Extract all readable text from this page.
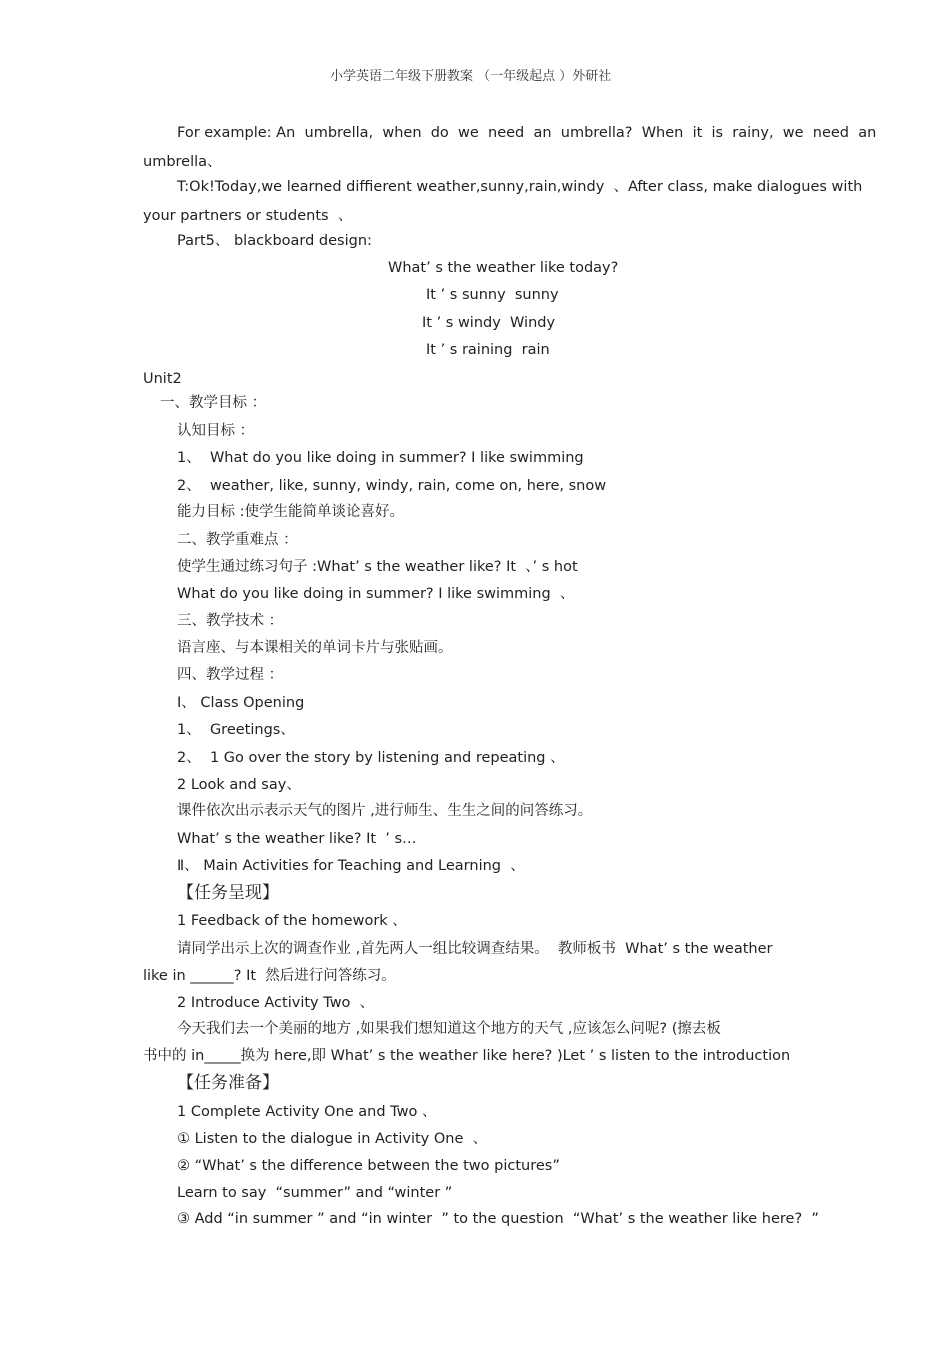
小学英语二年级下册教案 （一年级起点 ）外研社
For example: An  umbrella,  when  do  we  need  an  umbrella?  When  it  is  rainy,  we  need  an
umbrella、
T:Ok!Today,we learned diffierent weather,sunny,rain,windy  、After class, make dialogues with
your partners or students  、
Part5、 blackboard design:
What’ s the weather like today?
It ’ s sunny  sunny
It ’ s windy  Windy
It ’ s raining  rain
Unit2
一、教学目标 ：
认知目标 ：
1、  What do you like doing in summer? I like swimming
2、  weather, like, sunny, windy, rain, come on, here, snow
能力目标 :使学生能简单谈论喜好。
二、教学重难点 ：
使学生通过练习句子 :What’ s the weather like? It  、’ s hot
What do you like doing in summer? I like swimming  、
三、教学技术 ：
语言座、与本课相关的单词卡片与张贴画。
四、教学过程 ：
Ⅰ、 Class Opening
1、  Greetings、
2、  1 Go over the story by listening and repeating 、
2 Look and say、
课件依次出示表示天气的图片 ,进行师生、生生之间的问答练习。
What’ s the weather like? It  ’ s…
Ⅱ、 Main Activities for Teaching and Learning  、
【任务呈现】
1 Feedback of the homework 、
请同学出示上次的调查作业 ,首先两人一组比较调查结果。  教师板书  What’ s the weather
like in ______? It  然后进行问答练习。
2 Introduce Activity Two  、
今天我们去一个美丽的地方 ,如果我们想知道这个地方的天气 ,应该怎么问呢? (擦去板
书中的 in_____换为 here,即 What’ s the weather like here? )Let ’ s listen to the introduction
【任务准备】
1 Complete Activity One and Two 、
① Listen to the dialogue in Activity One  、
② “What’ s the difference between the two pictures”
Learn to say  “summer” and “winter ”
③ Add “in summer ” and “in winter  ” to the question  “What’ s the weather like here?  ”
